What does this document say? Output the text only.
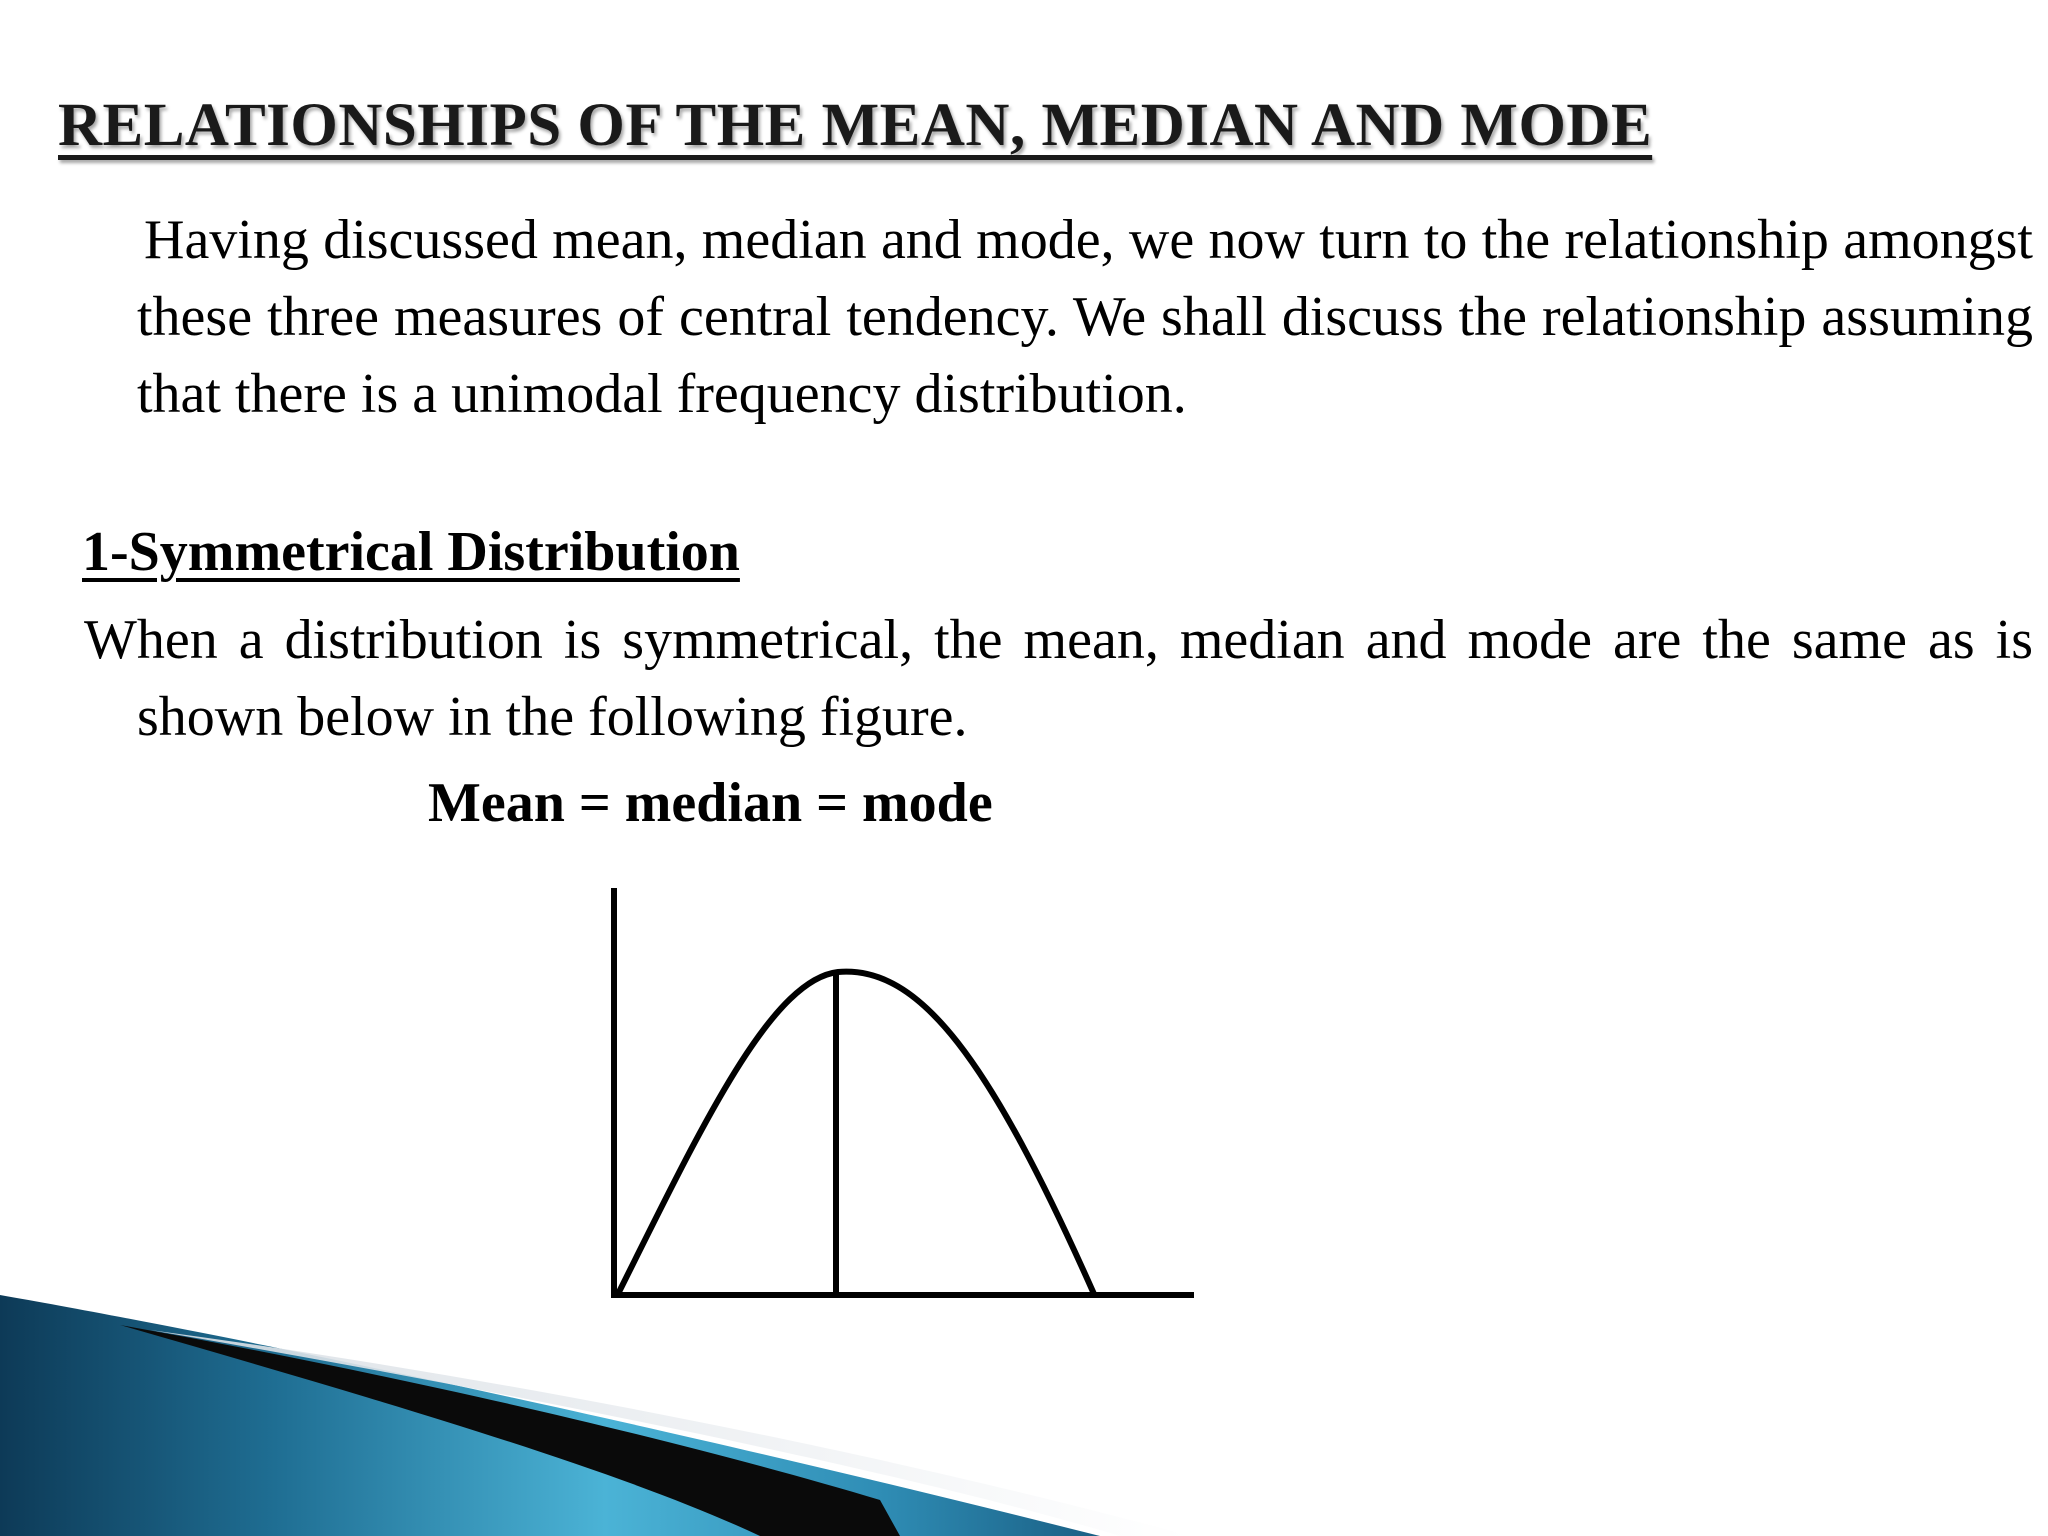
RELATIONSHIPS OF THE MEAN, MEDIAN AND MODE

Having discussed mean, median and mode, we now turn to the relationship amongst these three measures of central tendency. We shall discuss the relationship assuming that there is a unimodal frequency distribution.

1-Symmetrical Distribution

When a distribution is symmetrical, the mean, median and mode are the same as is shown below in the following figure.

Mean = median = mode
